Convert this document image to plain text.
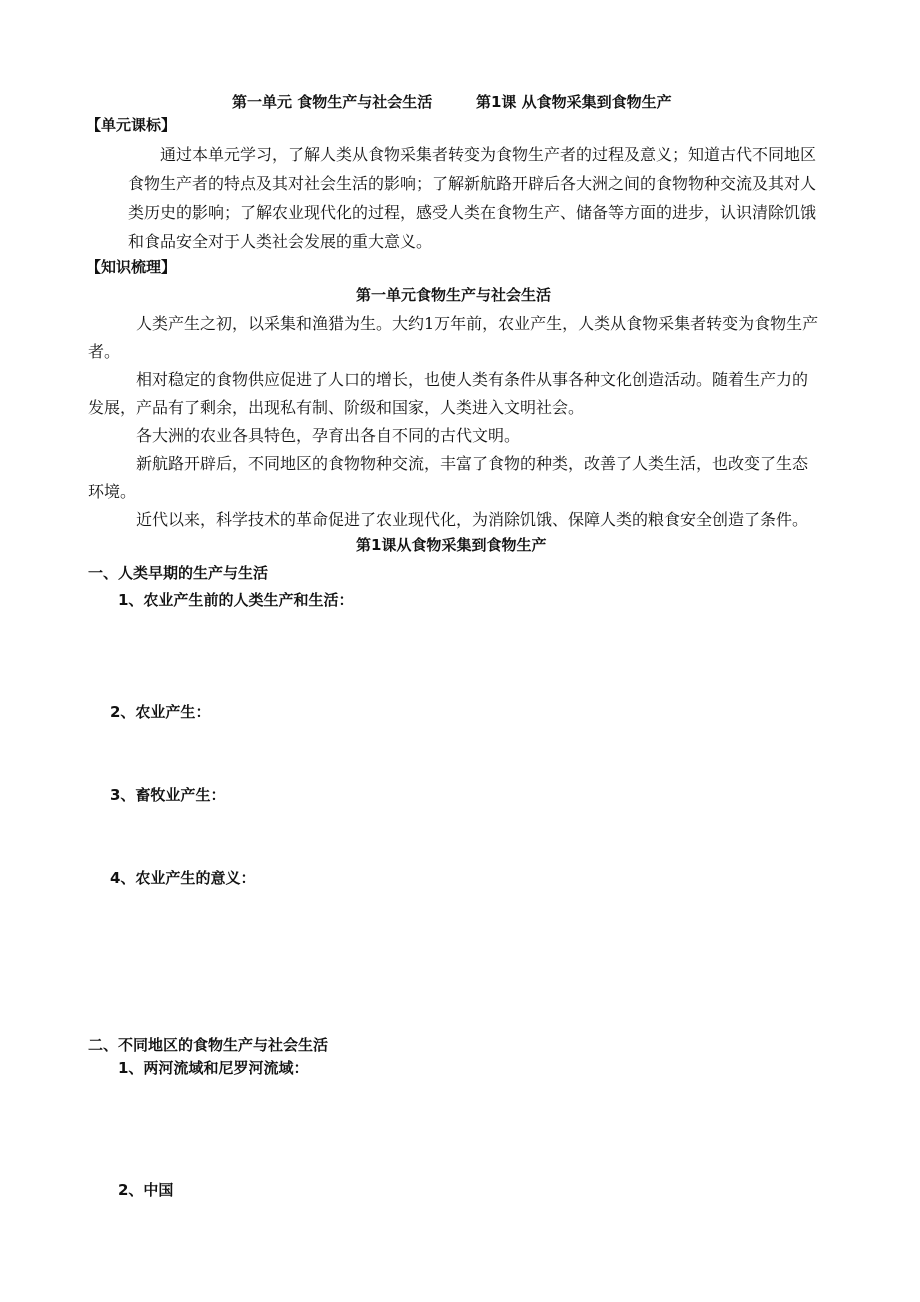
第一单元 食物生产与社会生活	第1课 从食物采集到食物生产
【单元课标】
通过本单元学习，了解人类从食物采集者转变为食物生产者的过程及意义；知道古代不同地区
食物生产者的特点及其对社会生活的影响；了解新航路开辟后各大洲之间的食物物种交流及其对人
类历史的影响；了解农业现代化的过程，感受人类在食物生产、储备等方面的进步，认识清除饥饿
和食品安全对于人类社会发展的重大意义。
【知识梳理】
第一单元食物生产与社会生活
人类产生之初，以采集和渔猎为生。大约1万年前，农业产生，人类从食物采集者转变为食物生产
者。
相对稳定的食物供应促进了人口的增长，也使人类有条件从事各种文化创造活动。随着生产力的
发展，产品有了剩余，出现私有制、阶级和国家，人类进入文明社会。
各大洲的农业各具特色，孕育出各自不同的古代文明。
新航路开辟后，不同地区的食物物种交流，丰富了食物的种类，改善了人类生活，也改变了生态
环境。
近代以来，科学技术的革命促进了农业现代化，为消除饥饿、保障人类的粮食安全创造了条件。
第1课从食物采集到食物生产
一、人类早期的生产与生活
1、农业产生前的人类生产和生活：
2、农业产生：
3、畜牧业产生：
4、农业产生的意义：
二、不同地区的食物生产与社会生活
1、两河流域和尼罗河流域：
2、中国
